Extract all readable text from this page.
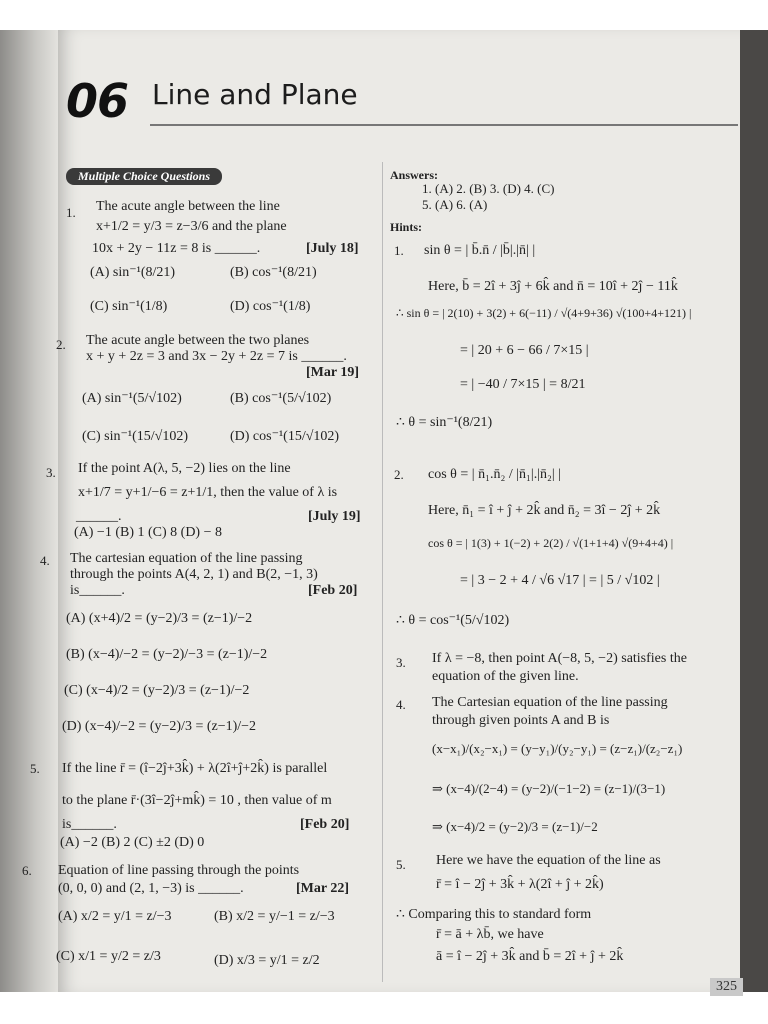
06 Line and Plane
Multiple Choice Questions
1. The acute angle between the line
x+1/2 = y/3 = z−3/6 and the plane
10x + 2y − 11z = 8 is ______.	[July 18]
(A) sin⁻¹(8/21)	(B) cos⁻¹(8/21)
(C) sin⁻¹(1/8)	(D) cos⁻¹(1/8)
2. The acute angle between the two planes
x + y + 2z = 3 and 3x − 2y + 2z = 7 is ______.
[Mar 19]
(A) sin⁻¹(5/√102)	(B) cos⁻¹(5/√102)
(C) sin⁻¹(15/√102)	(D) cos⁻¹(15/√102)
3. If the point A(λ, 5, −2) lies on the line
x+1/7 = y+1/−6 = z+1/1, then the value of λ is
______.	[July 19]
(A) −1 (B) 1 (C) 8 (D) − 8
4. The cartesian equation of the line passing
through the points A(4, 2, 1) and B(2, −1, 3)
is______.	[Feb 20]
(A) (x+4)/2 = (y−2)/3 = (z−1)/−2
(B) (x−4)/−2 = (y−2)/−3 = (z−1)/−2
(C) (x−4)/2 = (y−2)/3 = (z−1)/−2
(D) (x−4)/−2 = (y−2)/3 = (z−1)/−2
5. If the line r̄ = (î−2ĵ+3k̂) + λ(2î+ĵ+2k̂) is parallel
to the plane r̄·(3î−2ĵ+mk̂) = 10 , then value of m
is______.	[Feb 20]
(A) −2 (B) 2 (C) ±2 (D) 0
6. Equation of line passing through the points
(0, 0, 0) and (2, 1, −3) is ______.	[Mar 22]
(A) x/2 = y/1 = z/−3	(B) x/2 = y/−1 = z/−3
(C) x/1 = y/2 = z/3	(D) x/3 = y/1 = z/2
Answers:
1. (A) 2. (B) 3. (D) 4. (C)
5. (A) 6. (A)
Hints:
1. sin θ = | b̄.n̄ / |b̄|.|n̄| |
Here, b̄ = 2î + 3ĵ + 6k̂ and n̄ = 10î + 2ĵ − 11k̂
∴ sin θ = | 2(10) + 3(2) + 6(−11) / √(4+9+36) √(100+4+121) |
= | 20 + 6 − 66 / 7×15 |
= | −40 / 7×15 | = 8/21
∴ θ = sin⁻¹(8/21)
2. cos θ = | n̄₁.n̄₂ / |n̄₁|.|n̄₂| |
Here, n̄₁ = î + ĵ + 2k̂ and n̄₂ = 3î − 2ĵ + 2k̂
cos θ = | 1(3) + 1(−2) + 2(2) / √(1+1+4) √(9+4+4) |
= | 3 − 2 + 4 / √6 √17 | = | 5 / √102 |
∴ θ = cos⁻¹(5/√102)
3. If λ = −8, then point A(−8, 5, −2) satisfies the
equation of the given line.
4. The Cartesian equation of the line passing
through given points A and B is
(x−x₁)/(x₂−x₁) = (y−y₁)/(y₂−y₁) = (z−z₁)/(z₂−z₁)
⇒ (x−4)/(2−4) = (y−2)/(−1−2) = (z−1)/(3−1)
⇒ (x−4)/2 = (y−2)/3 = (z−1)/−2
5. Here we have the equation of the line as
r̄ = î − 2ĵ + 3k̂ + λ(2î + ĵ + 2k̂)
∴ Comparing this to standard form
r̄ = ā + λb̄, we have
ā = î − 2ĵ + 3k̂ and b̄ = 2î + ĵ + 2k̂
325
